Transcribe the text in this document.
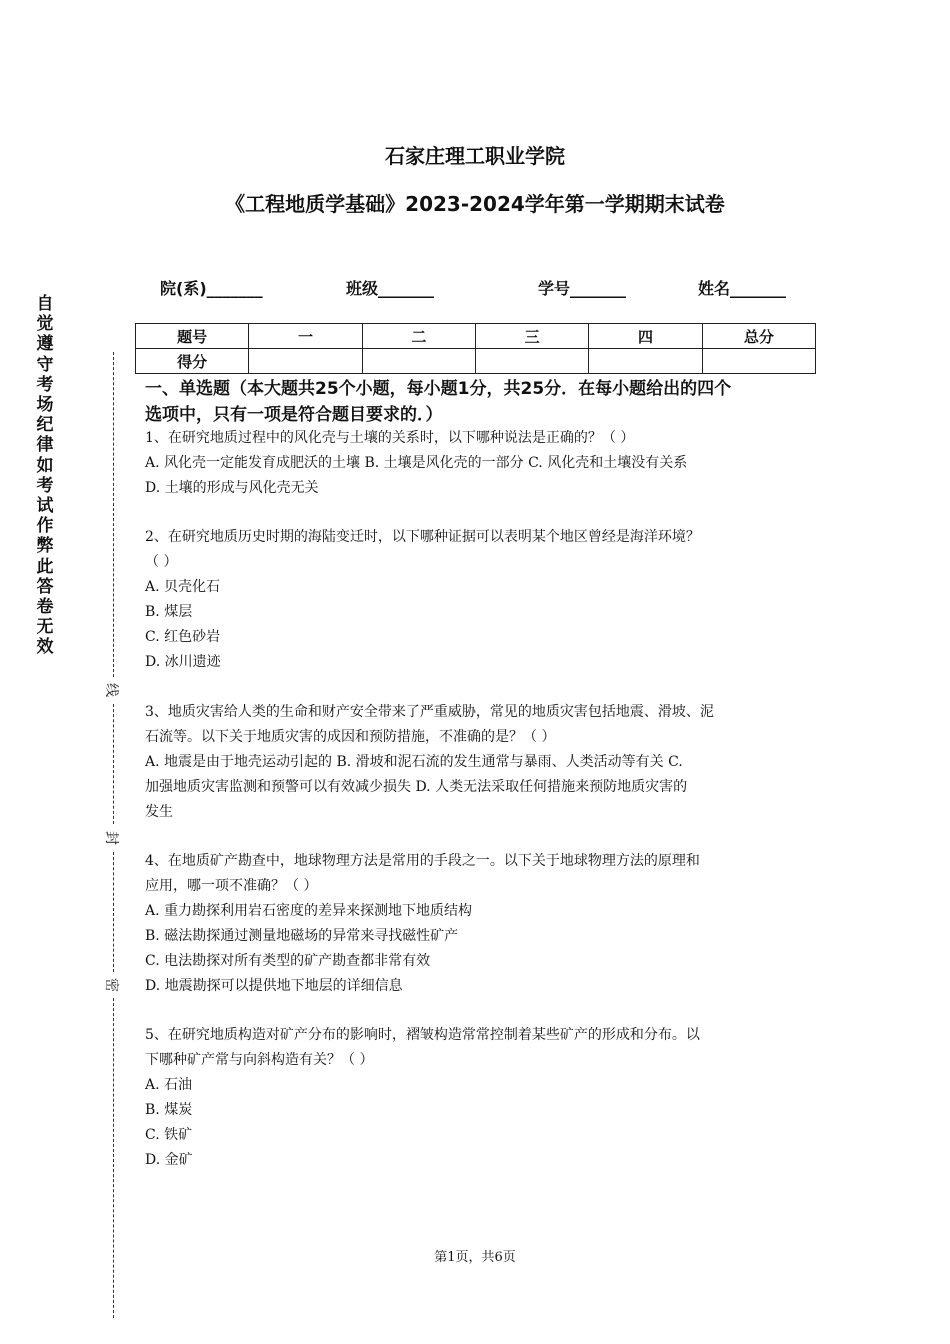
石家庄理工职业学院
《工程地质学基础》2023-2024学年第一学期期末试卷
院(系)_______	班级_______	学号_______	姓名_______
题号	一	二	三	四	总分
得分					
自觉遵守考场纪律如考试作弊此答卷无效
线
封
密
一、单选题（本大题共25个小题，每小题1分，共25分．在每小题给出的四个
选项中，只有一项是符合题目要求的．）
1、在研究地质过程中的风化壳与土壤的关系时，以下哪种说法是正确的？（ ）
A. 风化壳一定能发育成肥沃的土壤 B. 土壤是风化壳的一部分 C. 风化壳和土壤没有关系
D. 土壤的形成与风化壳无关
2、在研究地质历史时期的海陆变迁时，以下哪种证据可以表明某个地区曾经是海洋环境？
（ ）
A. 贝壳化石
B. 煤层
C. 红色砂岩
D. 冰川遗迹
3、地质灾害给人类的生命和财产安全带来了严重威胁，常见的地质灾害包括地震、滑坡、泥
石流等。以下关于地质灾害的成因和预防措施，不准确的是？（ ）
A. 地震是由于地壳运动引起的 B. 滑坡和泥石流的发生通常与暴雨、人类活动等有关 C.
加强地质灾害监测和预警可以有效减少损失 D. 人类无法采取任何措施来预防地质灾害的
发生
4、在地质矿产勘查中，地球物理方法是常用的手段之一。以下关于地球物理方法的原理和
应用，哪一项不准确？（ ）
A. 重力勘探利用岩石密度的差异来探测地下地质结构
B. 磁法勘探通过测量地磁场的异常来寻找磁性矿产
C. 电法勘探对所有类型的矿产勘查都非常有效
D. 地震勘探可以提供地下地层的详细信息
5、在研究地质构造对矿产分布的影响时，褶皱构造常常控制着某些矿产的形成和分布。以
下哪种矿产常与向斜构造有关？（ ）
A. 石油
B. 煤炭
C. 铁矿
D. 金矿
第1页，共6页
